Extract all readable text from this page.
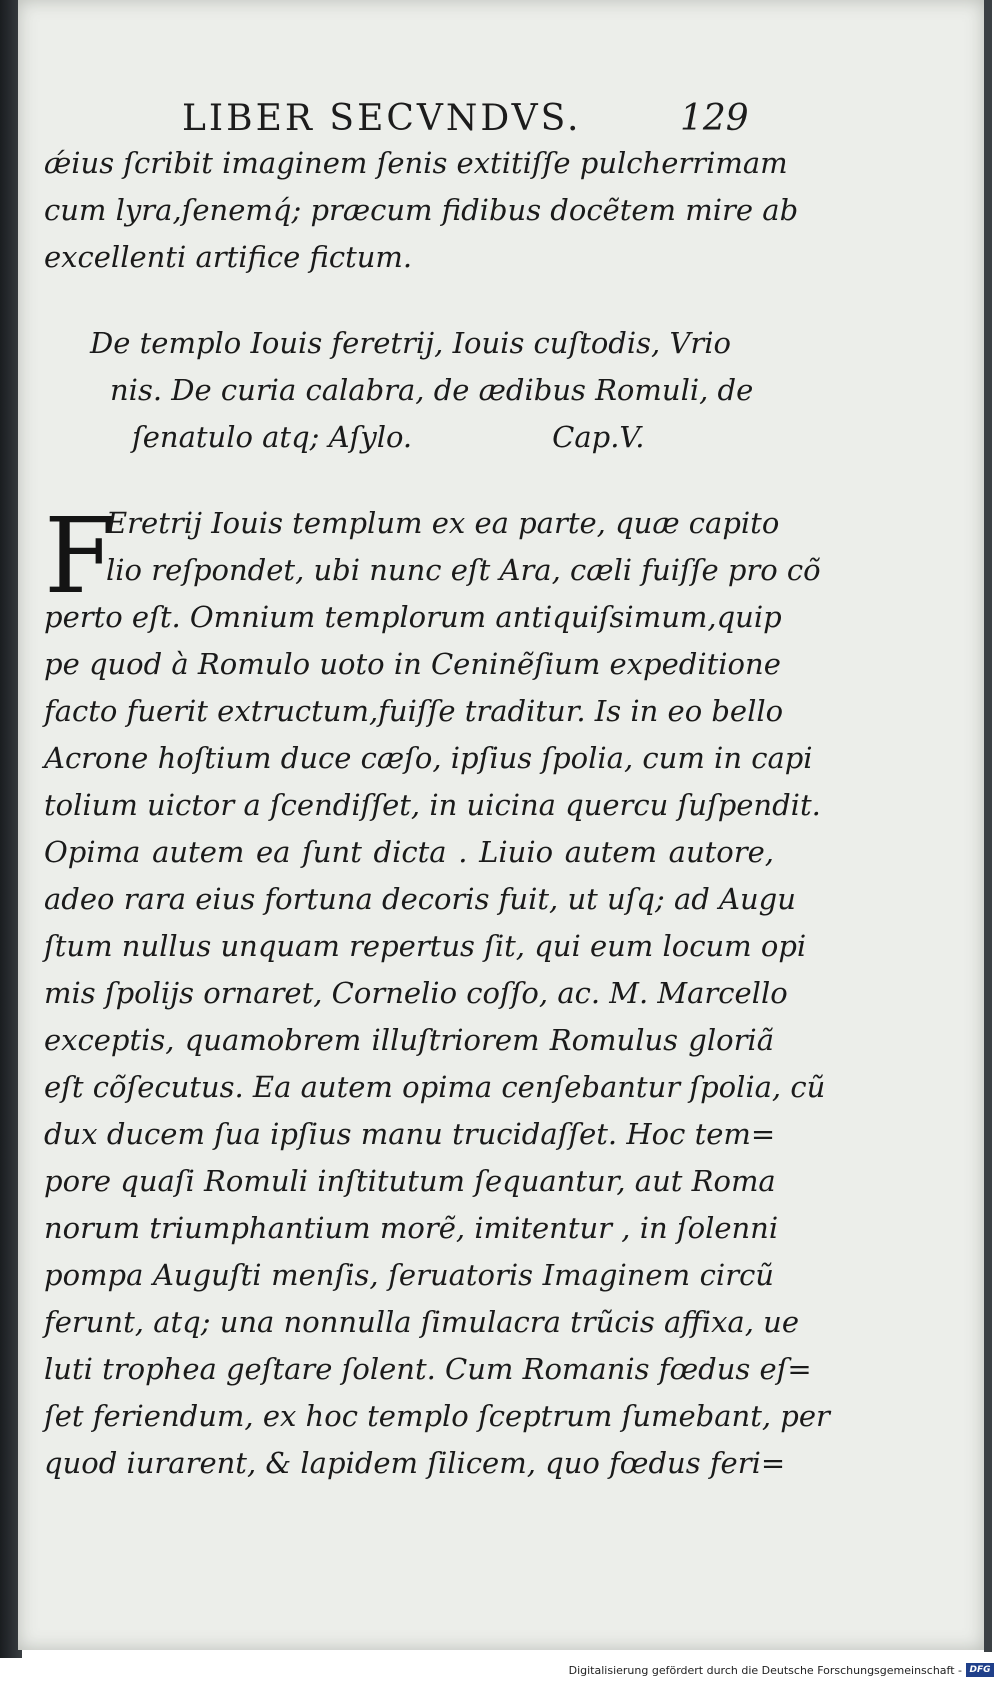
LIBER SECVNDVS.	129
ǽius ſcribit imaginem ſenis extitiſſe pulcherrimam
cum lyra,ſenemq́; præcum fidibus docẽtem mire ab
excellenti artifice fictum.
De templo Iouis feretrij, Iouis cuſtodis, Vrio
nis. De curia calabra, de ædibus Romuli, de
ſenatulo atq; Aſylo.	Cap.V.
F
Eretrij Iouis templum ex ea parte, quæ capito
lio reſpondet, ubi nunc eſt Ara, cæli fuiſſe pro cõ
perto eſt. Omnium templorum antiquiſsimum,quip
pe quod à Romulo uoto in Ceninẽſium expeditione
facto fuerit extructum,fuiſſe traditur. Is in eo bello
Acrone hoſtium duce cæſo, ipſius ſpolia, cum in capi
tolium uictor a ſcendiſſet, in uicina quercu ſuſpendit.
Opima autem ea ſunt dicta . Liuio autem autore,
adeo rara eius fortuna decoris fuit, ut uſq; ad Augu
ſtum nullus unquam repertus ſit, qui eum locum opi
mis ſpolijs ornaret, Cornelio coſſo, ac. M. Marcello
exceptis, quamobrem illuſtriorem Romulus gloriã
eſt cõſecutus. Ea autem opima cenſebantur ſpolia, cũ
dux ducem ſua ipſius manu trucidaſſet. Hoc tem=
pore quaſi Romuli inſtitutum ſequantur, aut Roma
norum triumphantium morẽ, imitentur , in ſolenni
pompa Auguſti menſis, ſeruatoris Imaginem circũ
ferunt, atq; una nonnulla ſimulacra trũcis affixa, ue
luti trophea geſtare ſolent. Cum Romanis fœdus eſ=
ſet feriendum, ex hoc templo ſceptrum ſumebant, per
quod iurarent, & lapidem ſilicem, quo fœdus feri=
Digitalisierung gefördert durch die Deutsche Forschungsgemeinschaft - DFG
